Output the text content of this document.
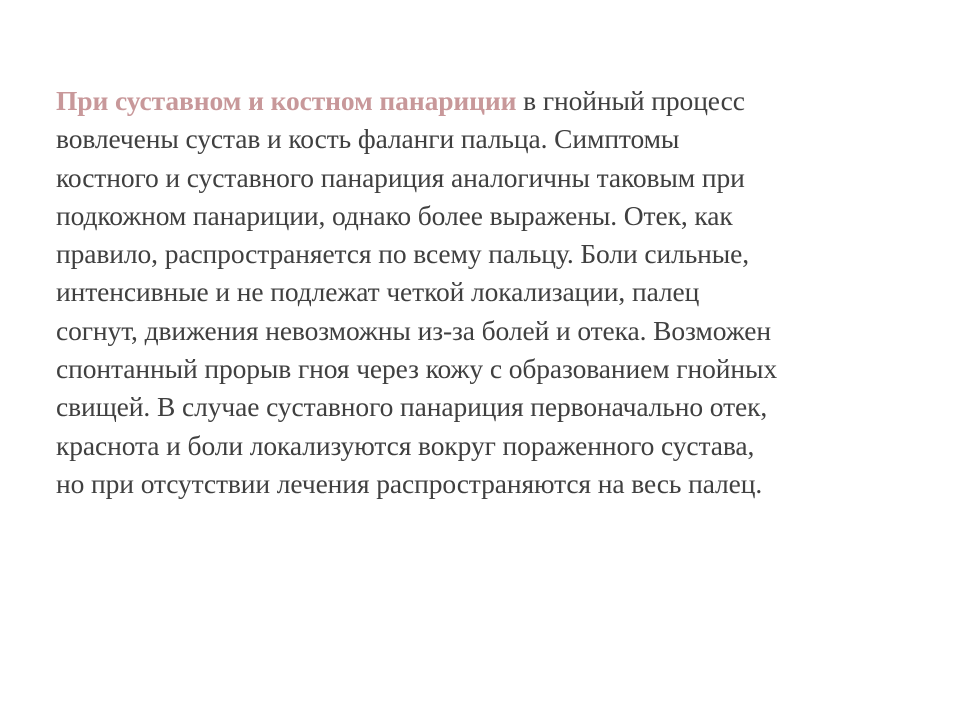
При суставном и костном панариции в гнойный процесс
вовлечены сустав и кость фаланги пальца. Симптомы
костного и суставного панариция аналогичны таковым при
подкожном панариции, однако более выражены. Отек, как
правило, распространяется по всему пальцу. Боли сильные,
интенсивные и не подлежат четкой локализации, палец
согнут, движения невозможны из-за болей и отека. Возможен
спонтанный прорыв гноя через кожу с образованием гнойных
свищей. В случае суставного панариция первоначально отек,
краснота и боли локализуются вокруг пораженного сустава,
но при отсутствии лечения распространяются на весь палец.
